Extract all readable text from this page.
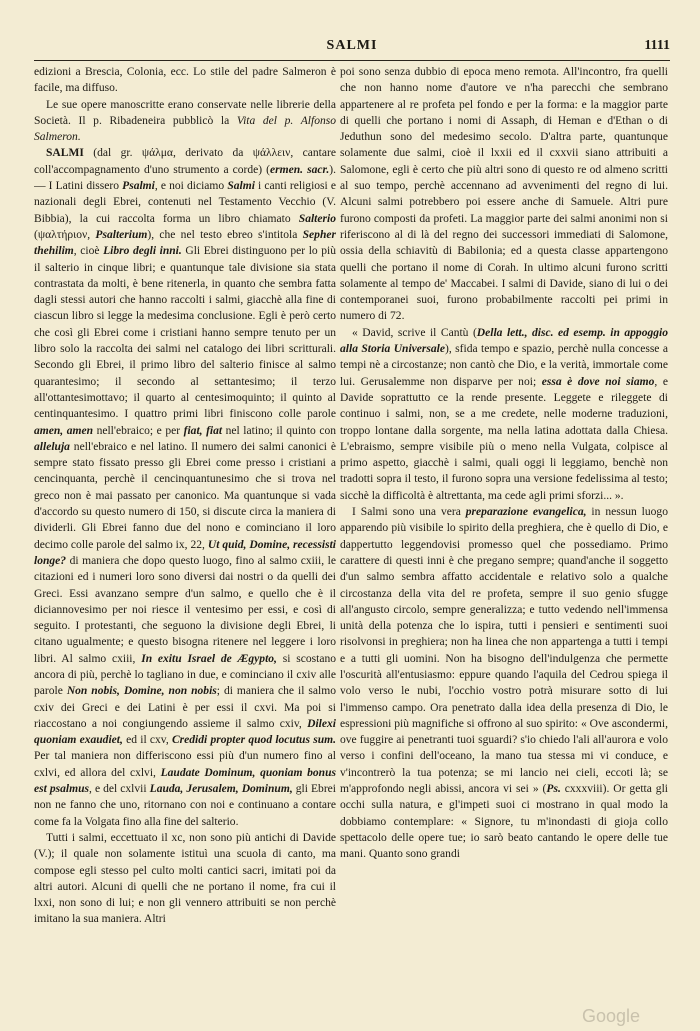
SALMI	1111

edizioni a Brescia, Colonia, ecc. Lo stile del padre Salmeron è facile, ma diffuso.

Le sue opere manoscritte erano conservate nelle librerie della Società. Il p. Ribadeneira pubblicò la Vita del p. Alfonso Salmeron.

SALMI (dal gr. ψάλμα, derivato da ψάλλειν, cantare coll'accompagnamento d'uno strumento a corde) (ermen. sacr.). — I Latini dissero Psalmi, e noi diciamo Salmi i canti religiosi e nazionali degli Ebrei, contenuti nel Testamento Vecchio (V. Bibbia), la cui raccolta forma un libro chiamato Salterio (ψαλτήριον, Psalterium), che nel testo ebreo s'intitola Sepher thehilim, cioè Libro degli inni. Gli Ebrei distinguono per lo più il salterio in cinque libri; e quantunque tale divisione sia stata contrastata da molti, è bene ritenerla, in quanto che sembra fatta dagli stessi autori che hanno raccolti i salmi, giacchè alla fine di ciascun libro si legge la medesima conclusione. Egli è però certo che così gli Ebrei come i cristiani hanno sempre tenuto per un libro solo la raccolta dei salmi nel catalogo dei libri scritturali. Secondo gli Ebrei, il primo libro del salterio finisce al salmo quarantesimo; il secondo al settantesimo; il terzo all'ottantesimottavo; il quarto al centesimoquinto; il quinto al centinquantesimo. I quattro primi libri finiscono colle parole amen, amen nell'ebraico; e per fiat, fiat nel latino; il quinto con alleluja nell'ebraico e nel latino. Il numero dei salmi canonici è sempre stato fissato presso gli Ebrei come presso i cristiani a cencinquanta, perchè il cencinquantunesimo che si trova nel greco non è mai passato per canonico. Ma quantunque si vada d'accordo su questo numero di 150, si discute circa la maniera di dividerli. Gli Ebrei fanno due del nono e cominciano il loro decimo colle parole del salmo ix, 22, Ut quid, Domine, recessisti longe? di maniera che dopo questo luogo, fino al salmo cxiii, le citazioni ed i numeri loro sono diversi dai nostri o da quelli dei Greci. Essi avanzano sempre d'un salmo, e quello che è il diciannovesimo per noi riesce il ventesimo per essi, e così di seguito. I protestanti, che seguono la divisione degli Ebrei, li citano ugualmente; e questo bisogna ritenere nel leggere i loro libri. Al salmo cxiii, In exitu Israel de Ægypto, si scostano ancora di più, perchè lo tagliano in due, e cominciano il cxiv alle parole Non nobis, Domine, non nobis; di maniera che il salmo cxiv dei Greci e dei Latini è per essi il cxvi. Ma poi si riaccostano a noi congiungendo assieme il salmo cxiv, Dilexi quoniam exaudiet, ed il cxv, Credidi propter quod locutus sum. Per tal maniera non differiscono essi più d'un numero fino al cxlvi, ed allora del cxlvi, Laudate Dominum, quoniam bonus est psalmus, e del cxlvii Lauda, Jerusalem, Dominum, gli Ebrei non ne fanno che uno, ritornano con noi e continuano a contare come fa la Volgata fino alla fine del salterio.

Tutti i salmi, eccettuato il xc, non sono più antichi di Davide (V.); il quale non solamente istituì una scuola di canto, ma compose egli stesso pel culto molti cantici sacri, imitati poi da altri autori. Alcuni di quelli che ne portano il nome, fra cui il lxxi, non sono di lui; e non gli vennero attribuiti se non perchè imitano la sua maniera. Altri

poi sono senza dubbio di epoca meno remota. All'incontro, fra quelli che non hanno nome d'autore ve n'ha parecchi che sembrano appartenere al re profeta pel fondo e per la forma: e la maggior parte di quelli che portano i nomi di Assaph, di Heman e d'Ethan o di Jeduthun sono del medesimo secolo. D'altra parte, quantunque solamente due salmi, cioè il lxxii ed il cxxvii siano attribuiti a Salomone, egli è certo che più altri sono di questo re od almeno scritti al suo tempo, perchè accennano ad avvenimenti del regno di lui. Alcuni salmi potrebbero poi essere anche di Samuele. Altri pure furono composti da profeti. La maggior parte dei salmi anonimi non si riferiscono al di là del regno dei successori immediati di Salomone, ossia della schiavitù di Babilonia; ed a questa classe appartengono quelli che portano il nome di Corah. In ultimo alcuni furono scritti solamente al tempo de' Maccabei. I salmi di Davide, siano di lui o dei contemporanei suoi, furono probabilmente raccolti pei primi in numero di 72.

« David, scrive il Cantù (Della lett., disc. ed esemp. in appoggio alla Storia Universale), sfida tempo e spazio, perchè nulla concesse a tempi nè a circostanze; non cantò che Dio, e la verità, immortale come lui. Gerusalemme non disparve per noi; essa è dove noi siamo, e Davide soprattutto ce la rende presente. Leggete e rileggete di continuo i salmi, non, se a me credete, nelle moderne traduzioni, troppo lontane dalla sorgente, ma nella latina adottata dalla Chiesa. L'ebraismo, sempre visibile più o meno nella Vulgata, colpisce al primo aspetto, giacchè i salmi, quali oggi li leggiamo, benchè non tradotti sopra il testo, il furono sopra una versione fedelissima al testo; sicchè la difficoltà è altrettanta, ma cede agli primi sforzi... ».

I Salmi sono una vera preparazione evangelica, in nessun luogo apparendo più visibile lo spirito della preghiera, che è quello di Dio, e dappertutto leggendovisi promesso quel che possediamo. Primo carattere di questi inni è che pregano sempre; quand'anche il soggetto d'un salmo sembra affatto accidentale e relativo solo a qualche circostanza della vita del re profeta, sempre il suo genio sfugge all'angusto circolo, sempre generalizza; e tutto vedendo nell'immensa unità della potenza che lo ispira, tutti i pensieri e sentimenti suoi risolvonsi in preghiera; non ha linea che non appartenga a tutti i tempi e a tutti gli uomini. Non ha bisogno dell'indulgenza che permette l'oscurità all'entusiasmo: eppure quando l'aquila del Cedrou spiega il volo verso le nubi, l'occhio vostro potrà misurare sotto di lui l'immenso campo. Ora penetrato dalla idea della presenza di Dio, le espressioni più magnifiche si offrono al suo spirito: « Ove ascondermi, ove fuggire ai penetranti tuoi sguardi? s'io chiedo l'ali all'aurora e volo verso i confini dell'oceano, la mano tua stessa mi vi conduce, e v'incontrerò la tua potenza; se mi lancio nei cieli, eccoti là; se m'approfondo negli abissi, ancora vi sei » (Ps. cxxxviii). Or getta gli occhi sulla natura, e gl'impeti suoi ci mostrano in qual modo la dobbiamo contemplare: « Signore, tu m'inondasti di gioja collo spettacolo delle opere tue; io sarò beato cantando le opere delle tue mani. Quanto sono grandi

Google
